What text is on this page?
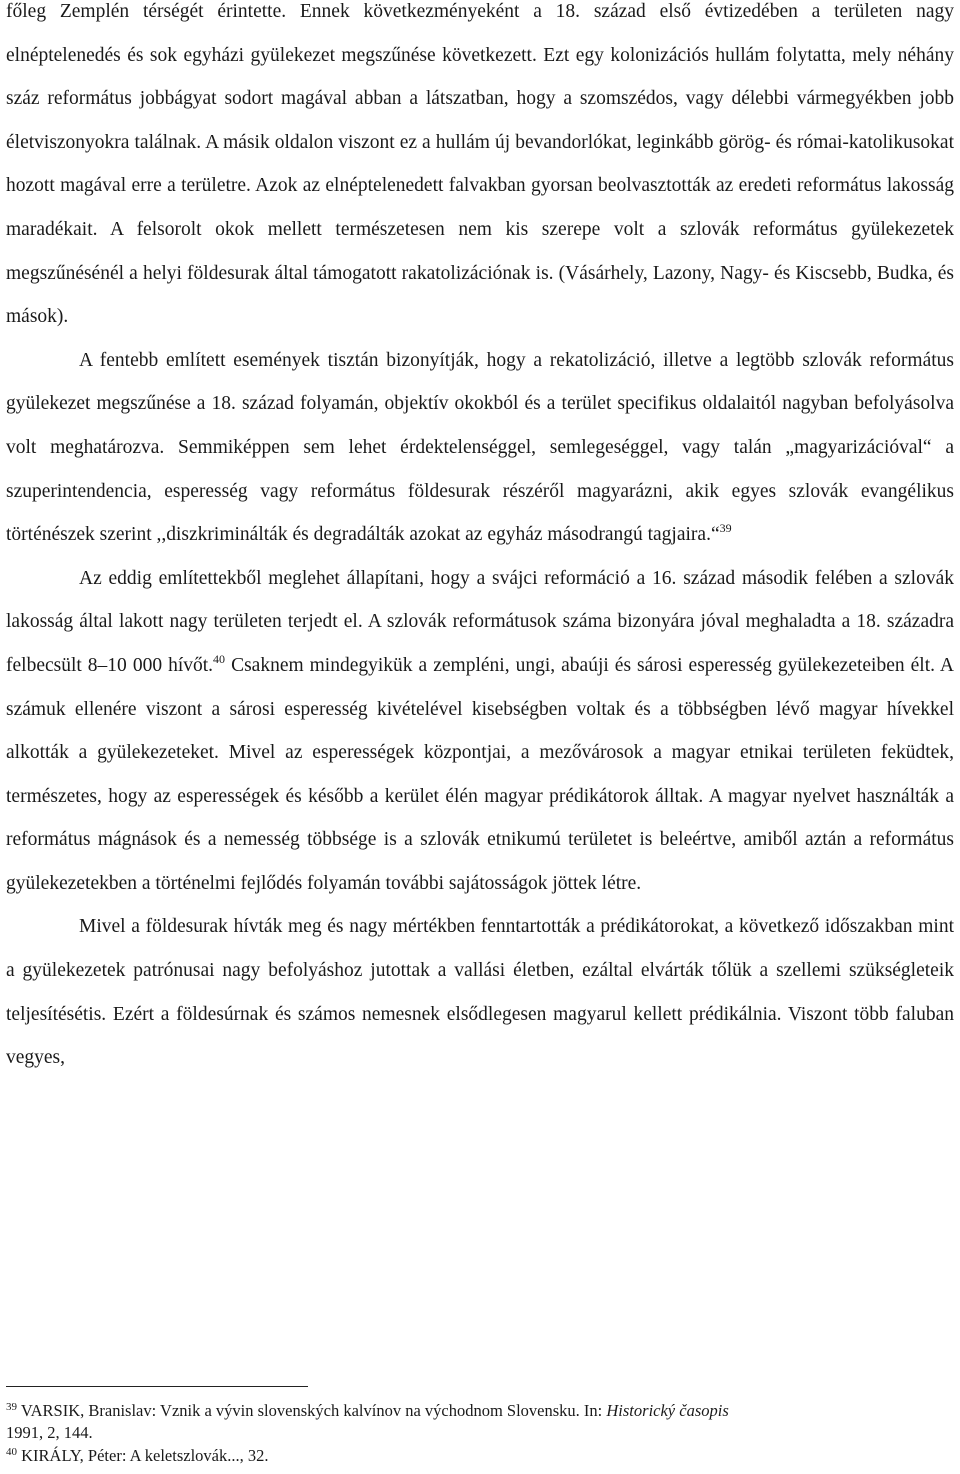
főleg Zemplén térségét érintette. Ennek következményeként a 18. század első évtizedében a területen nagy elnéptelenedés és sok egyházi gyülekezet megszűnése következett. Ezt egy kolonizációs hullám folytatta, mely néhány száz református jobbágyat sodort magával abban a látszatban, hogy a szomszédos, vagy délebbi vármegyékben jobb életviszonyokra találnak. A másik oldalon viszont ez a hullám új bevandorlókat, leginkább görög- és római-katolikusokat hozott magával erre a területre. Azok az elnéptelenedett falvakban gyorsan beolvasztották az eredeti református lakosság maradékait. A felsorolt okok mellett természetesen nem kis szerepe volt a szlovák református gyülekezetek megszűnésénél a helyi földesurak által támogatott rakatolizációnak is. (Vásárhely, Lazony, Nagy- és Kiscsebb, Budka, és mások).

A fentebb említett események tisztán bizonyítják, hogy a rekatolizáció, illetve a legtöbb szlovák református gyülekezet megszűnése a 18. század folyamán, objektív okokból és a terület specifikus oldalaitól nagyban befolyásolva volt meghatározva. Semmiképpen sem lehet érdektelenséggel, semlegeséggel, vagy talán „magyarizációval“ a szuperintendencia, esperesség vagy református földesurak részéről magyarázni, akik egyes szlovák evangélikus történészek szerint ,,diszkriminálták és degradálták azokat az egyház másodrangú tagjaira.“$^{39}$

Az eddig említettekből meglehet állapítani, hogy a svájci reformáció a 16. század második felében a szlovák lakosság által lakott nagy területen terjedt el. A szlovák reformátusok száma bizonyára jóval meghaladta a 18. századra felbecsült 8–10 000 hívőt.$^{40}$ Csaknem mindegyikük a zempléni, ungi, abaúji és sárosi esperesség gyülekezeteiben élt. A számuk ellenére viszont a sárosi esperesség kivételével kisebségben voltak és a többségben lévő magyar hívekkel alkották a gyülekezeteket. Mivel az esperességek központjai, a mezővárosok a magyar etnikai területen feküdtek, természetes, hogy az esperességek és később a kerület élén magyar prédikátorok álltak. A magyar nyelvet használták a református mágnások és a nemesség többsége is a szlovák etnikumú területet is beleértve, amiből aztán a református gyülekezetekben a történelmi fejlődés folyamán további sajátosságok jöttek létre.

Mivel a földesurak hívták meg és nagy mértékben fenntartották a prédikátorokat, a következő időszakban mint a gyülekezetek patrónusai nagy befolyáshoz jutottak a vallási életben, ezáltal elvárták tőlük a szellemi szükségleteik teljesítésétis. Ezért a földesúrnak és számos nemesnek elsődlegesen magyarul kellett prédikálnia. Viszont több faluban vegyes,

$^{39}$ VARSIK, Branislav: Vznik a vývin slovenských kalvínov na východnom Slovensku. In: Historický časopis
1991, 2, 144.

$^{40}$ KIRÁLY, Péter: A keletszlovák..., 32.
